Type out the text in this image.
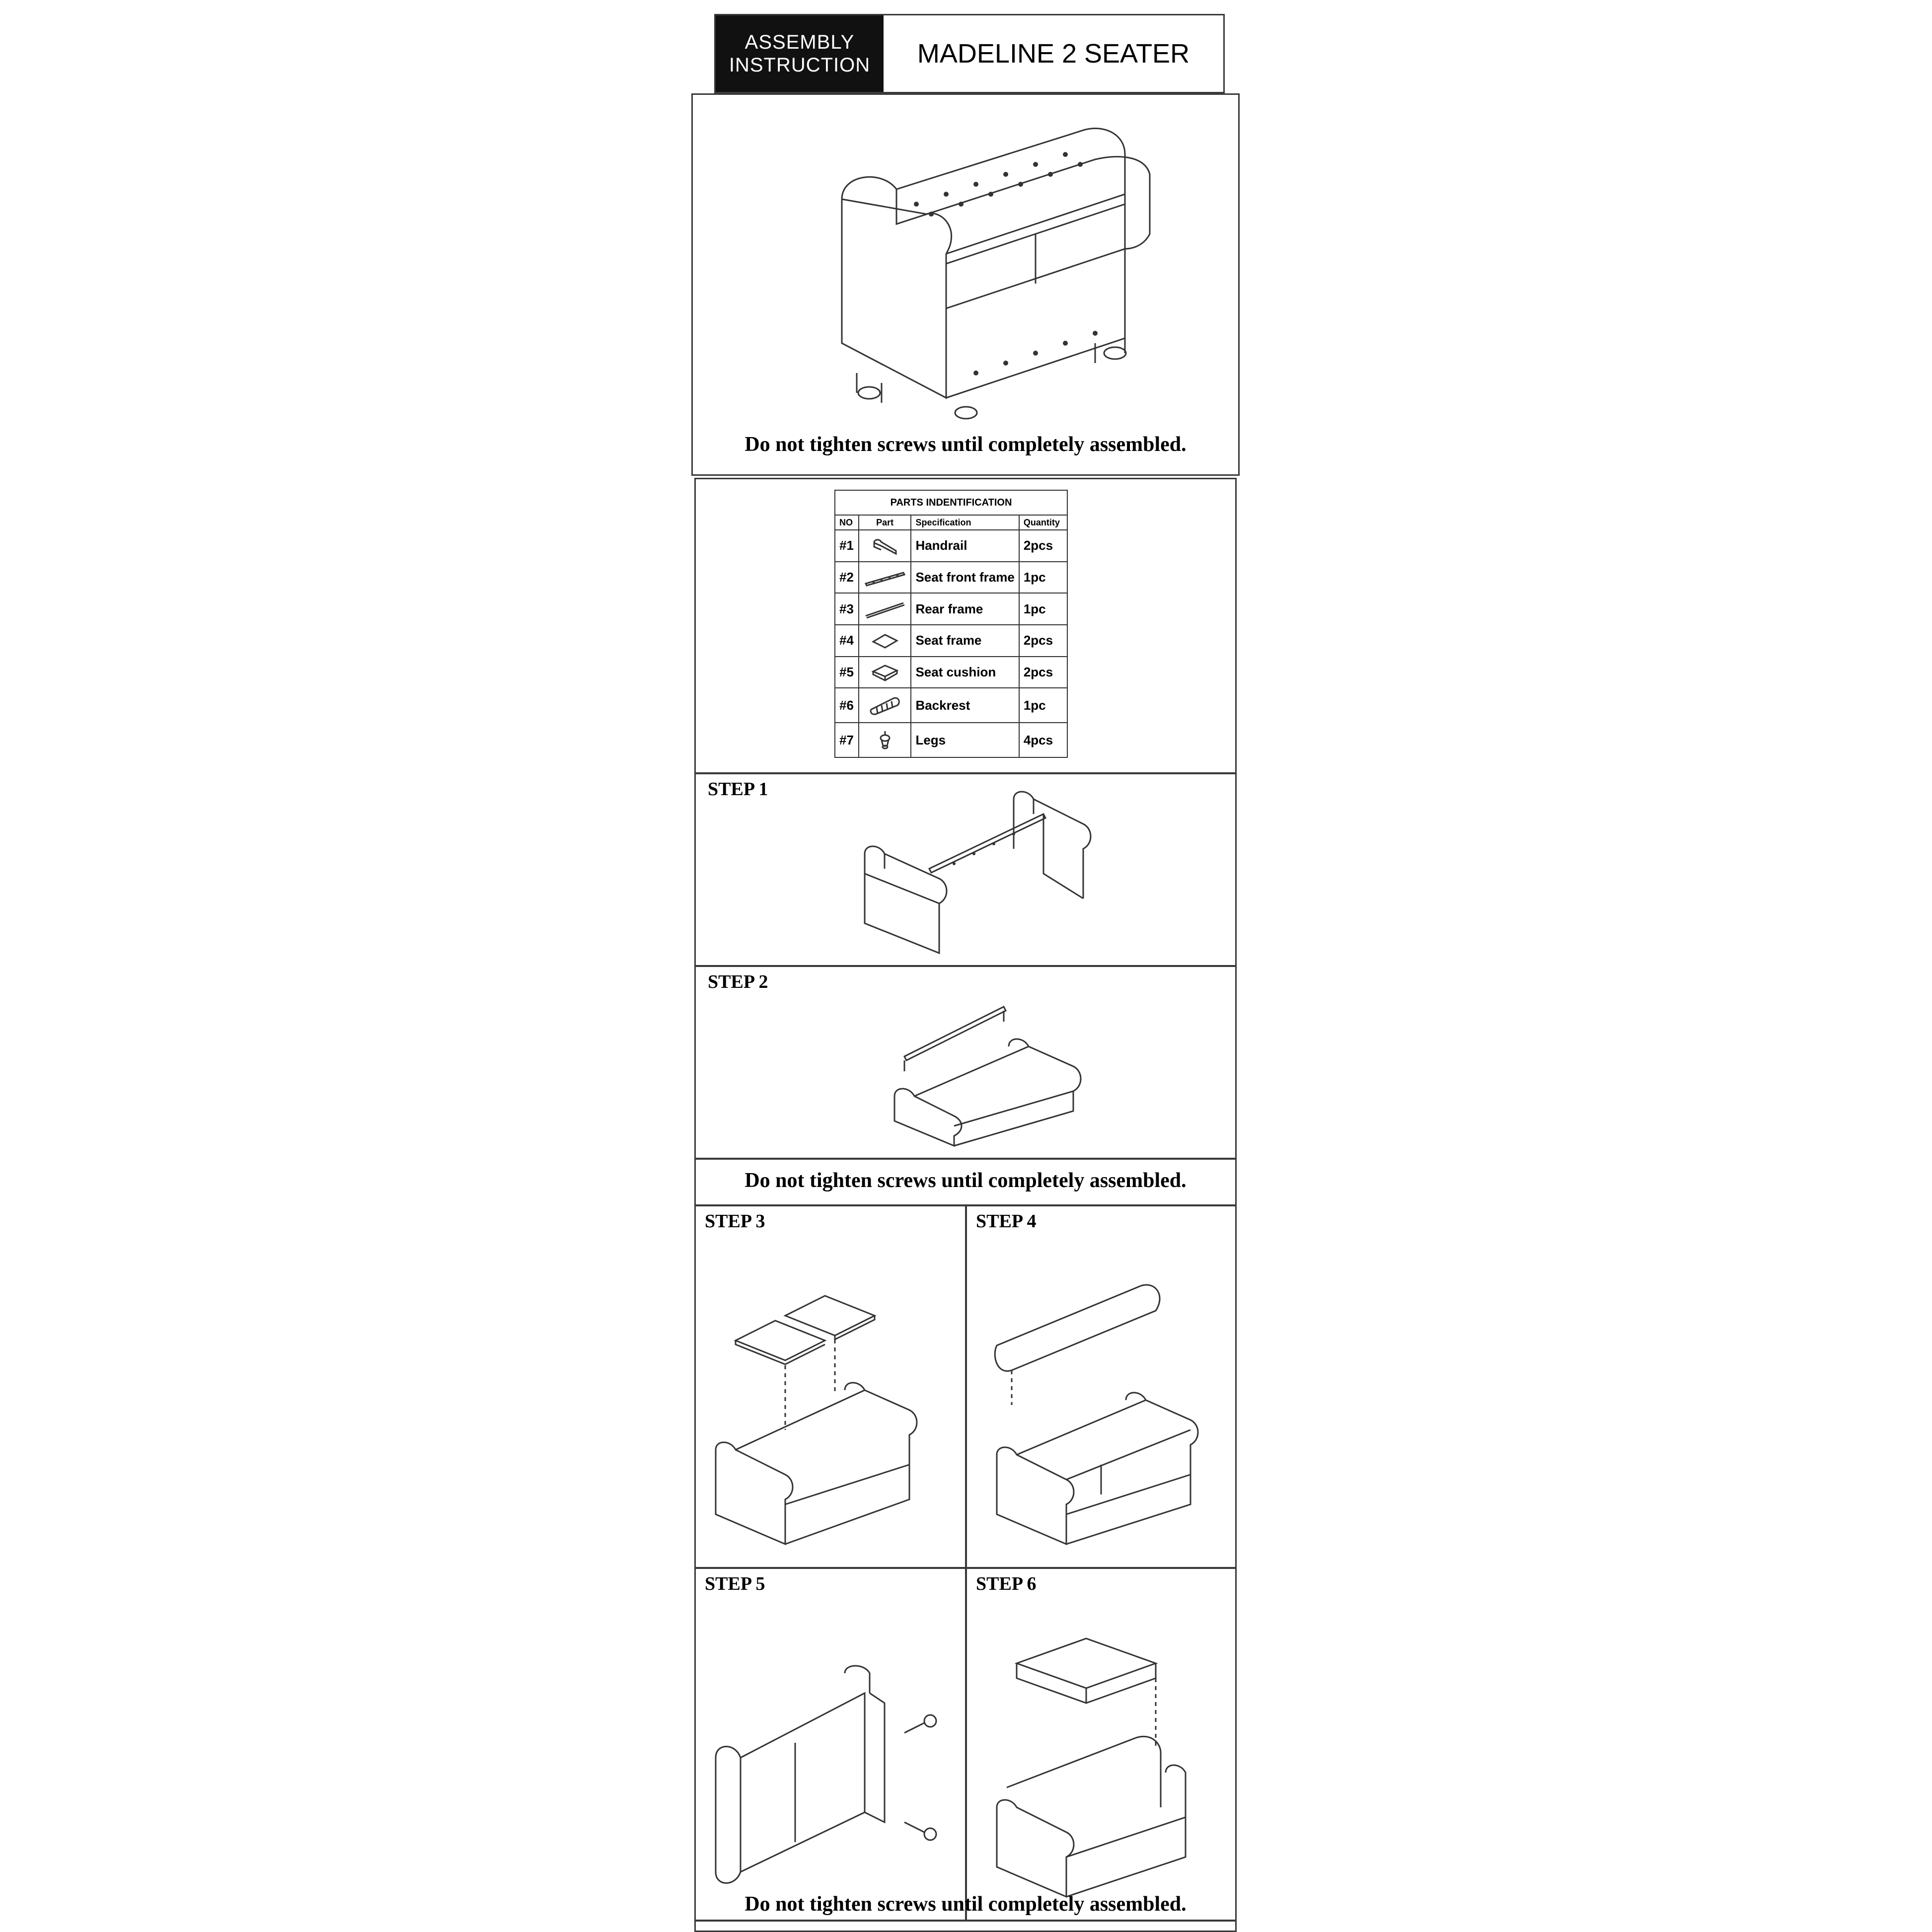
ASSEMBLY
INSTRUCTION	MADELINE 2 SEATER
Do not tighten screws until completely assembled.
PARTS INDENTIFICATION			
NO	Part	Specification	Quantity
#1		Handrail	2pcs
#2		Seat front frame	1pc
#3		Rear frame	1pc
#4		Seat frame	2pcs
#5		Seat cushion	2pcs
#6		Backrest	1pc
#7		Legs	4pcs
STEP 1
STEP 2
Do not tighten screws until completely assembled.
STEP 3	STEP 4
STEP 5	STEP 6
Do not tighten screws until completely assembled.
